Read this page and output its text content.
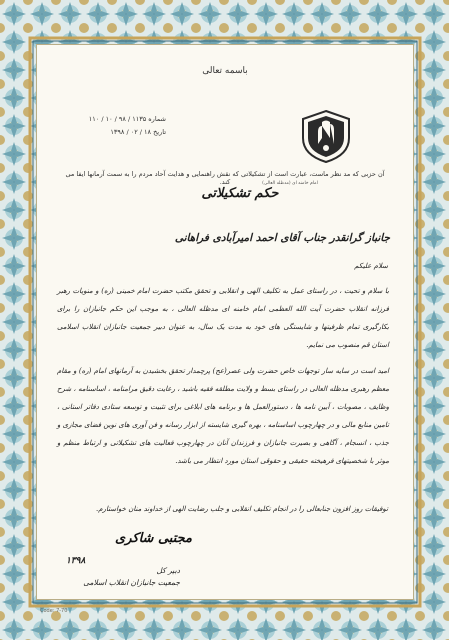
باسمه تعالی
شماره ۱۱۳۵ / ۹۸ / ۱۰ / ۱۱۰
تاریخ ۱۸ / ۰۲ / ۱۳۹۸
آن حزبی که مد نظر ماست، عبارت است از تشکیلاتی که نقش راهنمایی و هدایت آحاد مردم را به سمت آرمانها ایفا می کند.	امام خامنه ای (مدظله العالی)
حکم تشکیلاتی
جانباز گرانقدر جناب آقای احمد امیرآبادی فراهانی
سلام علیکم
با سلام و تحیت ، در راستای عمل به تکلیف الهی و انقلابی و تحقق مکتب حضرت امام خمینی (ره) و منویات رهبر فرزانه انقلاب حضرت آیت الله العظمی امام خامنه ای مدظله العالی ، به موجب این حکم جانبازان را برای بکارگیری تمام ظرفیتها و شایستگی های خود به مدت یک سال، به عنوان دبیر جمعیت جانبازان انقلاب اسلامی استان قم منصوب می نمایم.
امید است در سایه سار توجهات خاص حضرت ولی عصر(عج) پرچمدار تحقق بخشیدن به آرمانهای امام (ره) و مقام معظم رهبری مدظله العالی در راستای بسط و ولایت مطلقه فقیه باشید ، رعایت دقیق مرامنامه ، اساسنامه ، شرح وظایف ، مصوبات ، آیین نامه ها ، دستورالعمل ها و برنامه های ابلاغی برای تثبیت و توسعه ستادی دفاتر استانی ، تامین منابع مالی و در چهارچوب اساسنامه ، بهره گیری شایسته از ابزار رسانه و فن آوری های نوین فضای مجازی و جذب ، انسجام ، آگاهی و بصیرت جانبازان و فرزندان آنان در چهارچوب فعالیت های تشکیلاتی و ارتباط منظم و موثر با شخصیتهای فرهیخته حقیقی و حقوقی استان مورد انتظار می باشد.
توفیقات روز افزون جنابعالی را در انجام تکلیف انقلابی و جلب رضایت الهی از خداوند منان خواستارم.
مجتبی شاکری
۱۳۹۸
دبیر کل
جمعیت جانبازان انقلاب اسلامی
Code: 7-70
